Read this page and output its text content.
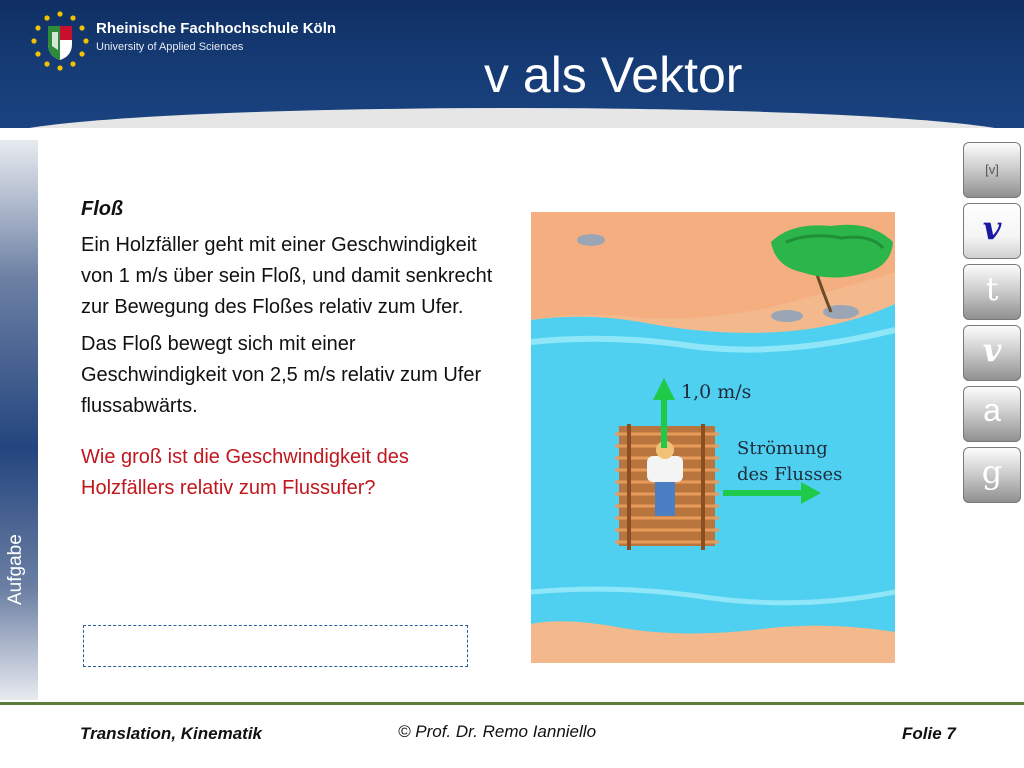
Rheinische Fachhochschule Köln
University of Applied Sciences	v als Vektor
Aufgabe
Floß

Ein Holzfäller geht mit einer Geschwindigkeit von 1 m/s über sein Floß, und damit senkrecht zur Bewegung des Floßes relativ zum Ufer.

Das Floß bewegt sich mit einer Geschwindigkeit von 2,5 m/s relativ zum Ufer flussabwärts.

Wie groß ist die Geschwindigkeit des Holzfällers relativ zum Flussufer?

1,0 m/s
Strömung
des Flusses
[v]
v
t
v
a
g
Translation, Kinematik	© Prof. Dr. Remo Ianniello	Folie 7
